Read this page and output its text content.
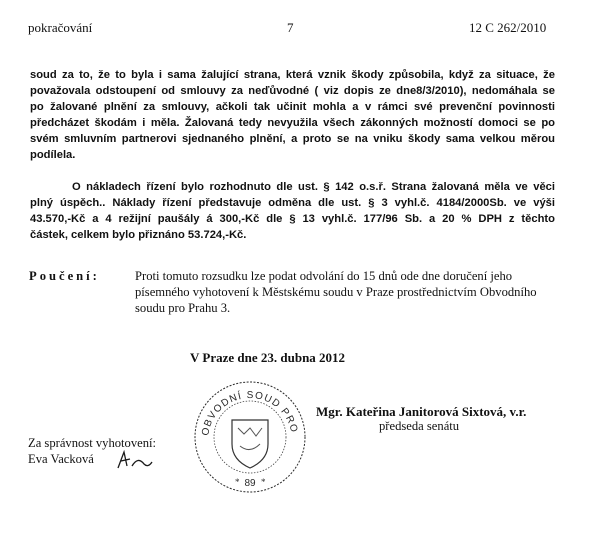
pokračování	7	12 C 262/2010
soud za to, že to byla i sama žalující strana, která vznik škody způsobila, když za situace, že
považovala odstoupení od smlouvy za neďůvodné ( viz dopis ze dne8/3/2010), nedomáhala se
po žalované plnění za smlouvy, ačkoli tak učinit mohla a v rámci své prevenční povinnosti
předcházet škodám i měla. Žalovaná tedy nevyužila všech zákonných možností domoci se po
svém smluvním partnerovi sjednaného plnění, a proto se na vniku škody sama velkou měrou
podílela.
O nákladech řízení bylo rozhodnuto dle ust. § 142 o.s.ř. Strana žalovaná měla ve věci
plný úspěch.. Náklady řízení představuje odměna dle ust. § 3 vyhl.č. 4184/2000Sb. ve výši
43.570,-Kč a 4 režijní paušály á 300,-Kč dle § 13 vyhl.č. 177/96 Sb. a 20 % DPH z těchto
částek, celkem bylo přiznáno 53.724,-Kč.
Poučení:	Proti tomuto rozsudku lze podat odvolání do 15 dnů ode dne doručení jeho
písemného vyhotovení k Městskému soudu v Praze prostřednictvím Obvodního
soudu pro Prahu 3.
V Praze dne 23. dubna 2012
OBVODNÍ SOUD PRO
89
* *
Mgr. Kateřina Janitorová Sixtová, v.r.
předseda senátu
Za správnost vyhotovení:
Eva Vacková
